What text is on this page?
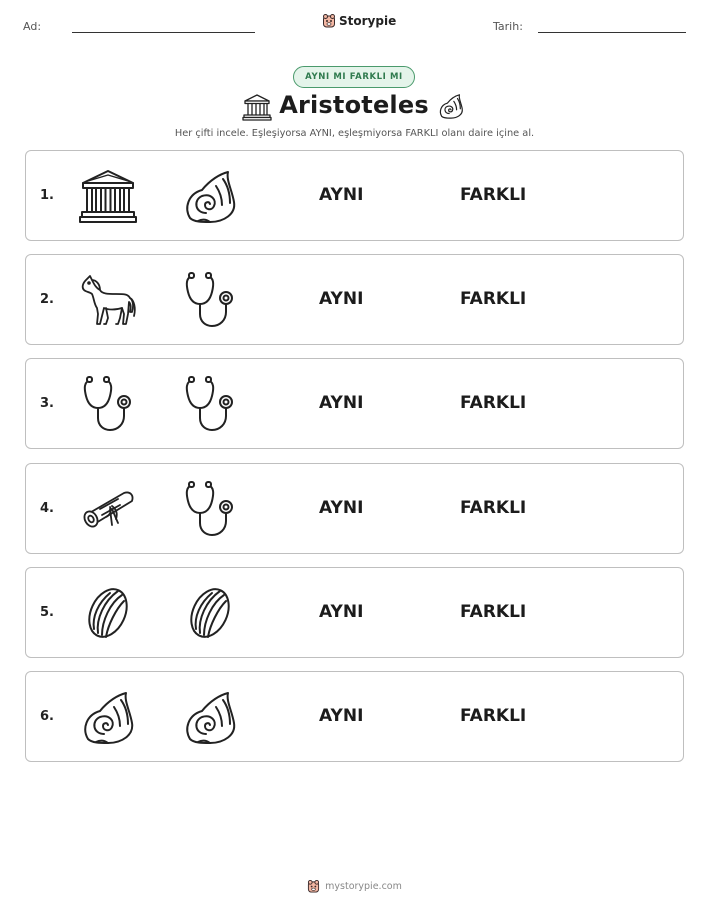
Ad:	Storypie	Tarih:
AYNI MI FARKLI MI
Aristoteles
Her çifti incele. Eşleşiyorsa AYNI, eşleşmiyorsa FARKLI olanı daire içine al.
1.	AYNI	FARKLI
2.	AYNI	FARKLI
3.	AYNI	FARKLI
4.	AYNI	FARKLI
5.	AYNI	FARKLI
6.	AYNI	FARKLI
mystorypie.com
